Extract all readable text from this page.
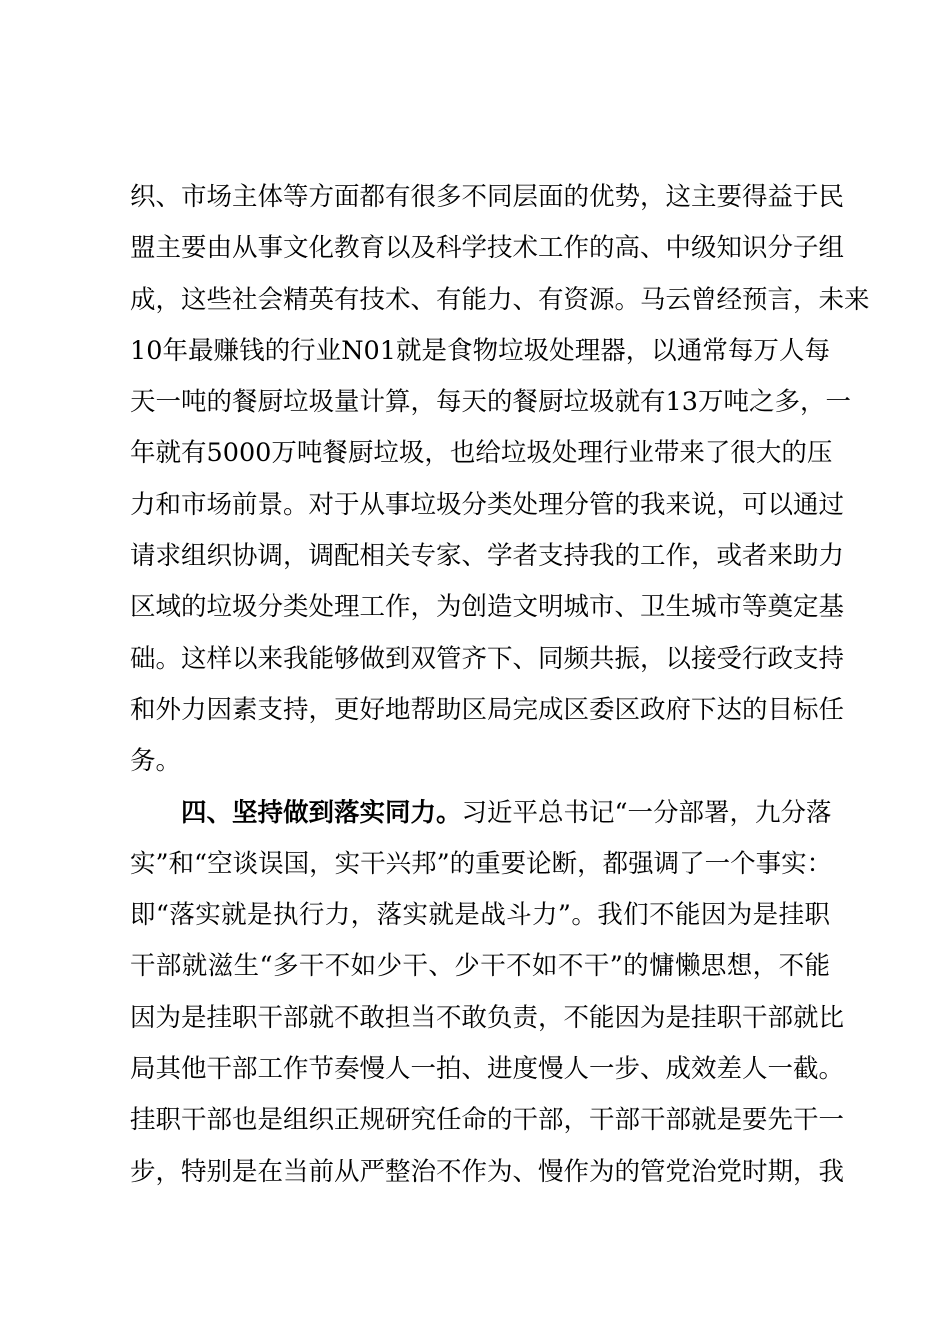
织、市场主体等方面都有很多不同层面的优势，这主要得益于民
盟主要由从事文化教育以及科学技术工作的高、中级知识分子组
成，这些社会精英有技术、有能力、有资源。马云曾经预言，未来
10年最赚钱的行业N01就是食物垃圾处理器，以通常每万人每
天一吨的餐厨垃圾量计算，每天的餐厨垃圾就有13万吨之多，一
年就有5000万吨餐厨垃圾，也给垃圾处理行业带来了很大的压
力和市场前景。对于从事垃圾分类处理分管的我来说，可以通过
请求组织协调，调配相关专家、学者支持我的工作，或者来助力
区域的垃圾分类处理工作，为创造文明城市、卫生城市等奠定基
础。这样以来我能够做到双管齐下、同频共振，以接受行政支持
和外力因素支持，更好地帮助区局完成区委区政府下达的目标任
务。
四、坚持做到落实同力。习近平总书记“一分部署，九分落
实”和“空谈误国，实干兴邦”的重要论断，都强调了一个事实：
即“落实就是执行力，落实就是战斗力”。我们不能因为是挂职
干部就滋生“多干不如少干、少干不如不干”的慵懒思想，不能
因为是挂职干部就不敢担当不敢负责，不能因为是挂职干部就比
局其他干部工作节奏慢人一拍、进度慢人一步、成效差人一截。
挂职干部也是组织正规研究任命的干部，干部干部就是要先干一
步，特别是在当前从严整治不作为、慢作为的管党治党时期，我
